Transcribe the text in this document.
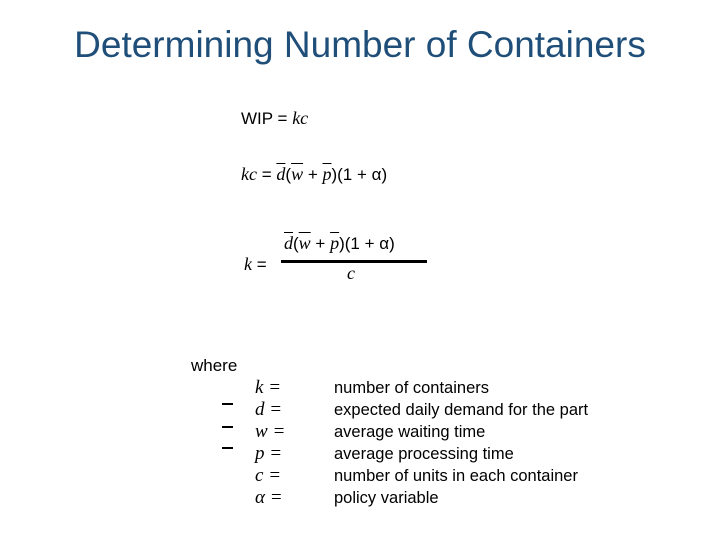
Determining Number of Containers
WIP = kc
kc = $\overline{d}(\overline{w} + \overline{p})(1 + \alpha)$
k =
$\overline{d}(\overline{w} + \overline{p})(1 + \alpha)$
c
where
k =
d =
w =
p =
c =
α =
number of containers
expected daily demand for the part
average waiting time
average processing time
number of units in each container
policy variable
